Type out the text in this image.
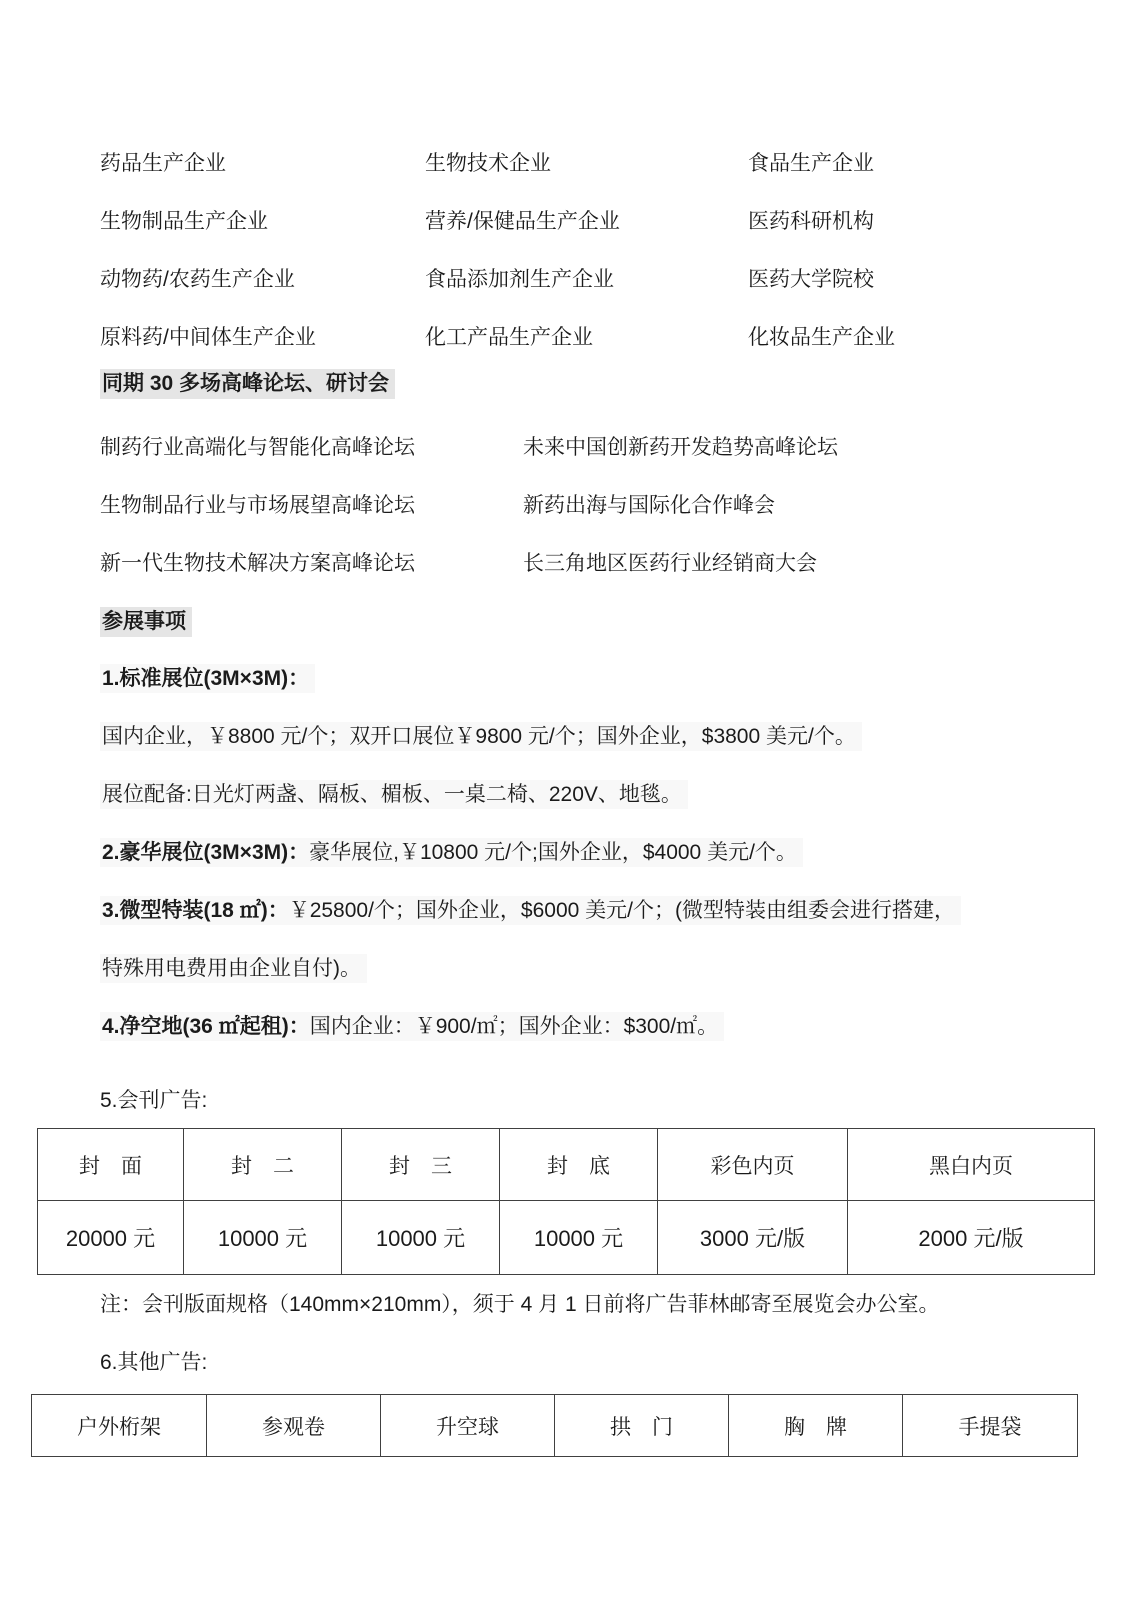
药品生产企业	生物技术企业	食品生产企业
生物制品生产企业	营养/保健品生产企业	医药科研机构
动物药/农药生产企业	食品添加剂生产企业	医药大学院校
原料药/中间体生产企业	化工产品生产企业	化妆品生产企业
同期 30 多场高峰论坛、研讨会
制药行业高端化与智能化高峰论坛	未来中国创新药开发趋势高峰论坛
生物制品行业与市场展望高峰论坛	新药出海与国际化合作峰会
新一代生物技术解决方案高峰论坛	长三角地区医药行业经销商大会
参展事项

1.标准展位(3M×3M)：

国内企业，￥8800 元/个；双开口展位￥9800 元/个；国外企业，$3800 美元/个。

展位配备:日光灯两盏、隔板、楣板、一桌二椅、220V、地毯。

2.豪华展位(3M×3M)：豪华展位,￥10800 元/个;国外企业，$4000 美元/个。

3.微型特装(18 ㎡)：￥25800/个；国外企业，$6000 美元/个；(微型特装由组委会进行搭建，

特殊用电费用由企业自付)。

4.净空地(36 ㎡起租)：国内企业：￥900/㎡；国外企业：$300/㎡。

5.会刊广告:

封　面	封　二	封　三	封　底	彩色内页	黑白内页
20000 元	10000 元	10000 元	10000 元	3000 元/版	2000 元/版

注：会刊版面规格（140mm×210mm），须于 4 月 1 日前将广告菲林邮寄至展览会办公室。

6.其他广告:

户外桁架	参观卷	升空球	拱　门	胸　牌	手提袋
